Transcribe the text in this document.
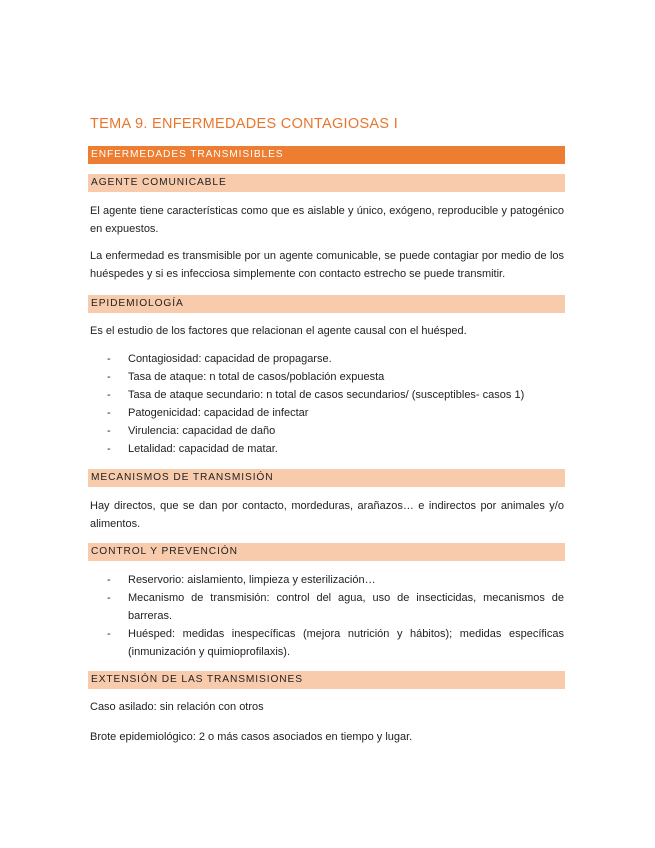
TEMA 9. ENFERMEDADES CONTAGIOSAS I
ENFERMEDADES TRANSMISIBLES
AGENTE COMUNICABLE
El agente tiene características como que es aislable y único, exógeno, reproducible y patogénico en expuestos.
La enfermedad es transmisible por un agente comunicable, se puede contagiar por medio de los huéspedes y si es infecciosa simplemente con contacto estrecho se puede transmitir.
EPIDEMIOLOGÍA
Es el estudio de los factores que relacionan el agente causal con el huésped.
- Contagiosidad: capacidad de propagarse.
- Tasa de ataque: n total de casos/población expuesta
- Tasa de ataque secundario: n total de casos secundarios/ (susceptibles- casos 1)
- Patogenicidad: capacidad de infectar
- Virulencia: capacidad de daño
- Letalidad: capacidad de matar.
MECANISMOS DE TRANSMISIÓN
Hay directos, que se dan por contacto, mordeduras, arañazos… e indirectos por animales y/o alimentos.
CONTROL Y PREVENCIÓN
- Reservorio: aislamiento, limpieza y esterilización…
- Mecanismo de transmisión: control del agua, uso de insecticidas, mecanismos de barreras.
- Huésped: medidas inespecíficas (mejora nutrición y hábitos); medidas específicas (inmunización y quimioprofilaxis).
EXTENSIÓN DE LAS TRANSMISIONES
Caso asilado: sin relación con otros
Brote epidemiológico: 2 o más casos asociados en tiempo y lugar.
